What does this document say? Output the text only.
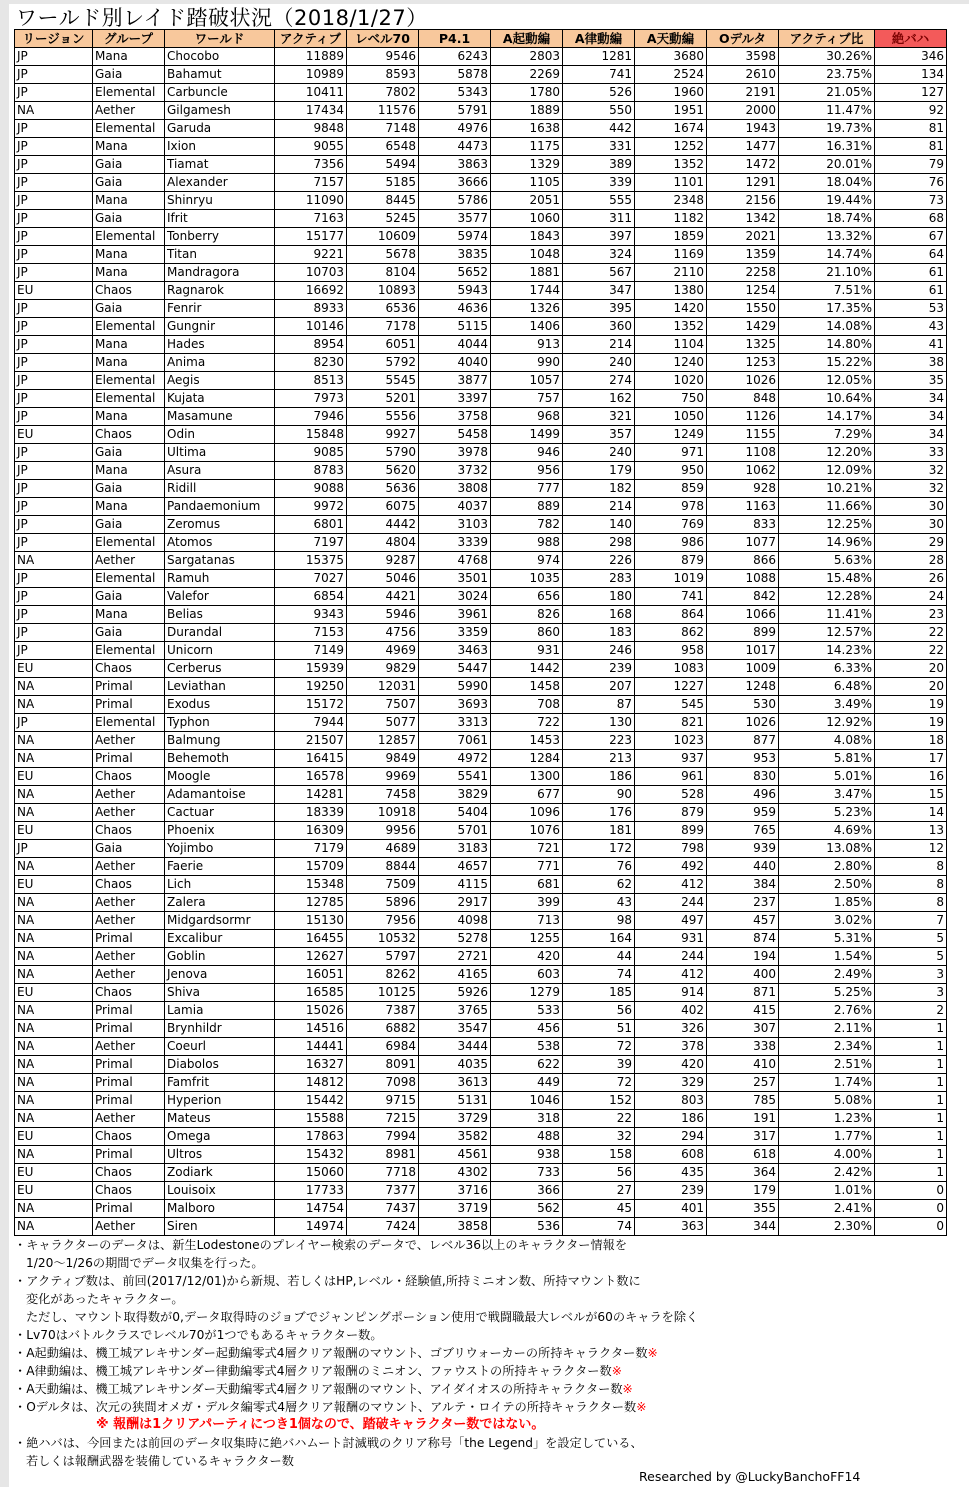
ワールド別レイド踏破状況（2018/1/27）
リージョン	グループ	ワールド	アクティブ	レベル70	P4.1	A起動編	A律動編	A天動編	Oデルタ	アクティブ比	絶バハ
JP	Mana	Chocobo	11889	9546	6243	2803	1281	3680	3598	30.26%	346
JP	Gaia	Bahamut	10989	8593	5878	2269	741	2524	2610	23.75%	134
JP	Elemental	Carbuncle	10411	7802	5343	1780	526	1960	2191	21.05%	127
NA	Aether	Gilgamesh	17434	11576	5791	1889	550	1951	2000	11.47%	92
JP	Elemental	Garuda	9848	7148	4976	1638	442	1674	1943	19.73%	81
JP	Mana	Ixion	9055	6548	4473	1175	331	1252	1477	16.31%	81
JP	Gaia	Tiamat	7356	5494	3863	1329	389	1352	1472	20.01%	79
JP	Gaia	Alexander	7157	5185	3666	1105	339	1101	1291	18.04%	76
JP	Mana	Shinryu	11090	8445	5786	2051	555	2348	2156	19.44%	73
JP	Gaia	Ifrit	7163	5245	3577	1060	311	1182	1342	18.74%	68
JP	Elemental	Tonberry	15177	10609	5974	1843	397	1859	2021	13.32%	67
JP	Mana	Titan	9221	5678	3835	1048	324	1169	1359	14.74%	64
JP	Mana	Mandragora	10703	8104	5652	1881	567	2110	2258	21.10%	61
EU	Chaos	Ragnarok	16692	10893	5943	1744	347	1380	1254	7.51%	61
JP	Gaia	Fenrir	8933	6536	4636	1326	395	1420	1550	17.35%	53
JP	Elemental	Gungnir	10146	7178	5115	1406	360	1352	1429	14.08%	43
JP	Mana	Hades	8954	6051	4044	913	214	1104	1325	14.80%	41
JP	Mana	Anima	8230	5792	4040	990	240	1240	1253	15.22%	38
JP	Elemental	Aegis	8513	5545	3877	1057	274	1020	1026	12.05%	35
JP	Elemental	Kujata	7973	5201	3397	757	162	750	848	10.64%	34
JP	Mana	Masamune	7946	5556	3758	968	321	1050	1126	14.17%	34
EU	Chaos	Odin	15848	9927	5458	1499	357	1249	1155	7.29%	34
JP	Gaia	Ultima	9085	5790	3978	946	240	971	1108	12.20%	33
JP	Mana	Asura	8783	5620	3732	956	179	950	1062	12.09%	32
JP	Gaia	Ridill	9088	5636	3808	777	182	859	928	10.21%	32
JP	Mana	Pandaemonium	9972	6075	4037	889	214	978	1163	11.66%	30
JP	Gaia	Zeromus	6801	4442	3103	782	140	769	833	12.25%	30
JP	Elemental	Atomos	7197	4804	3339	988	298	986	1077	14.96%	29
NA	Aether	Sargatanas	15375	9287	4768	974	226	879	866	5.63%	28
JP	Elemental	Ramuh	7027	5046	3501	1035	283	1019	1088	15.48%	26
JP	Gaia	Valefor	6854	4421	3024	656	180	741	842	12.28%	24
JP	Mana	Belias	9343	5946	3961	826	168	864	1066	11.41%	23
JP	Gaia	Durandal	7153	4756	3359	860	183	862	899	12.57%	22
JP	Elemental	Unicorn	7149	4969	3463	931	246	958	1017	14.23%	22
EU	Chaos	Cerberus	15939	9829	5447	1442	239	1083	1009	6.33%	20
NA	Primal	Leviathan	19250	12031	5990	1458	207	1227	1248	6.48%	20
NA	Primal	Exodus	15172	7507	3693	708	87	545	530	3.49%	19
JP	Elemental	Typhon	7944	5077	3313	722	130	821	1026	12.92%	19
NA	Aether	Balmung	21507	12857	7061	1453	223	1023	877	4.08%	18
NA	Primal	Behemoth	16415	9849	4972	1284	213	937	953	5.81%	17
EU	Chaos	Moogle	16578	9969	5541	1300	186	961	830	5.01%	16
NA	Aether	Adamantoise	14281	7458	3829	677	90	528	496	3.47%	15
NA	Aether	Cactuar	18339	10918	5404	1096	176	879	959	5.23%	14
EU	Chaos	Phoenix	16309	9956	5701	1076	181	899	765	4.69%	13
JP	Gaia	Yojimbo	7179	4689	3183	721	172	798	939	13.08%	12
NA	Aether	Faerie	15709	8844	4657	771	76	492	440	2.80%	8
EU	Chaos	Lich	15348	7509	4115	681	62	412	384	2.50%	8
NA	Aether	Zalera	12785	5896	2917	399	43	244	237	1.85%	8
NA	Aether	Midgardsormr	15130	7956	4098	713	98	497	457	3.02%	7
NA	Primal	Excalibur	16455	10532	5278	1255	164	931	874	5.31%	5
NA	Aether	Goblin	12627	5797	2721	420	44	244	194	1.54%	5
NA	Aether	Jenova	16051	8262	4165	603	74	412	400	2.49%	3
EU	Chaos	Shiva	16585	10125	5926	1279	185	914	871	5.25%	3
NA	Primal	Lamia	15026	7387	3765	533	56	402	415	2.76%	2
NA	Primal	Brynhildr	14516	6882	3547	456	51	326	307	2.11%	1
NA	Aether	Coeurl	14441	6984	3444	538	72	378	338	2.34%	1
NA	Primal	Diabolos	16327	8091	4035	622	39	420	410	2.51%	1
NA	Primal	Famfrit	14812	7098	3613	449	72	329	257	1.74%	1
NA	Primal	Hyperion	15442	9715	5131	1046	152	803	785	5.08%	1
NA	Aether	Mateus	15588	7215	3729	318	22	186	191	1.23%	1
EU	Chaos	Omega	17863	7994	3582	488	32	294	317	1.77%	1
NA	Primal	Ultros	15432	8981	4561	938	158	608	618	4.00%	1
EU	Chaos	Zodiark	15060	7718	4302	733	56	435	364	2.42%	1
EU	Chaos	Louisoix	17733	7377	3716	366	27	239	179	1.01%	0
NA	Primal	Malboro	14754	7437	3719	562	45	401	355	2.41%	0
NA	Aether	Siren	14974	7424	3858	536	74	363	344	2.30%	0
・キャラクターのデータは、新生Lodestoneのプレイヤー検索のデータで、レベル36以上のキャラクター情報を
1/20〜1/26の期間でデータ収集を行った。
・アクティブ数は、前回(2017/12/01)から新規、若しくはHP,レベル・経験値,所持ミニオン数、所持マウント数に
変化があったキャラクター。
ただし、マウント取得数が0,データ取得時のジョブでジャンピングポーション使用で戦闘職最大レベルが60のキャラを除く
・Lv70はバトルクラスでレベル70が1つでもあるキャラクター数。
・A起動編は、機工城アレキサンダー起動編零式4層クリア報酬のマウント、ゴブリウォーカーの所持キャラクター数※
・A律動編は、機工城アレキサンダー律動編零式4層クリア報酬のミニオン、ファウストの所持キャラクター数※
・A天動編は、機工城アレキサンダー天動編零式4層クリア報酬のマウント、アイダイオスの所持キャラクター数※
・Oデルタは、次元の狭間オメガ・デルタ編零式4層クリア報酬のマウント、アルテ・ロイテの所持キャラクター数※
※ 報酬は1クリアパーティにつき1個なので、踏破キャラクター数ではない。
・絶ハバは、今回または前回のデータ収集時に絶バハムート討滅戦のクリア称号「the Legend」を設定している、
若しくは報酬武器を装備しているキャラクター数
Researched by @LuckyBanchoFF14
